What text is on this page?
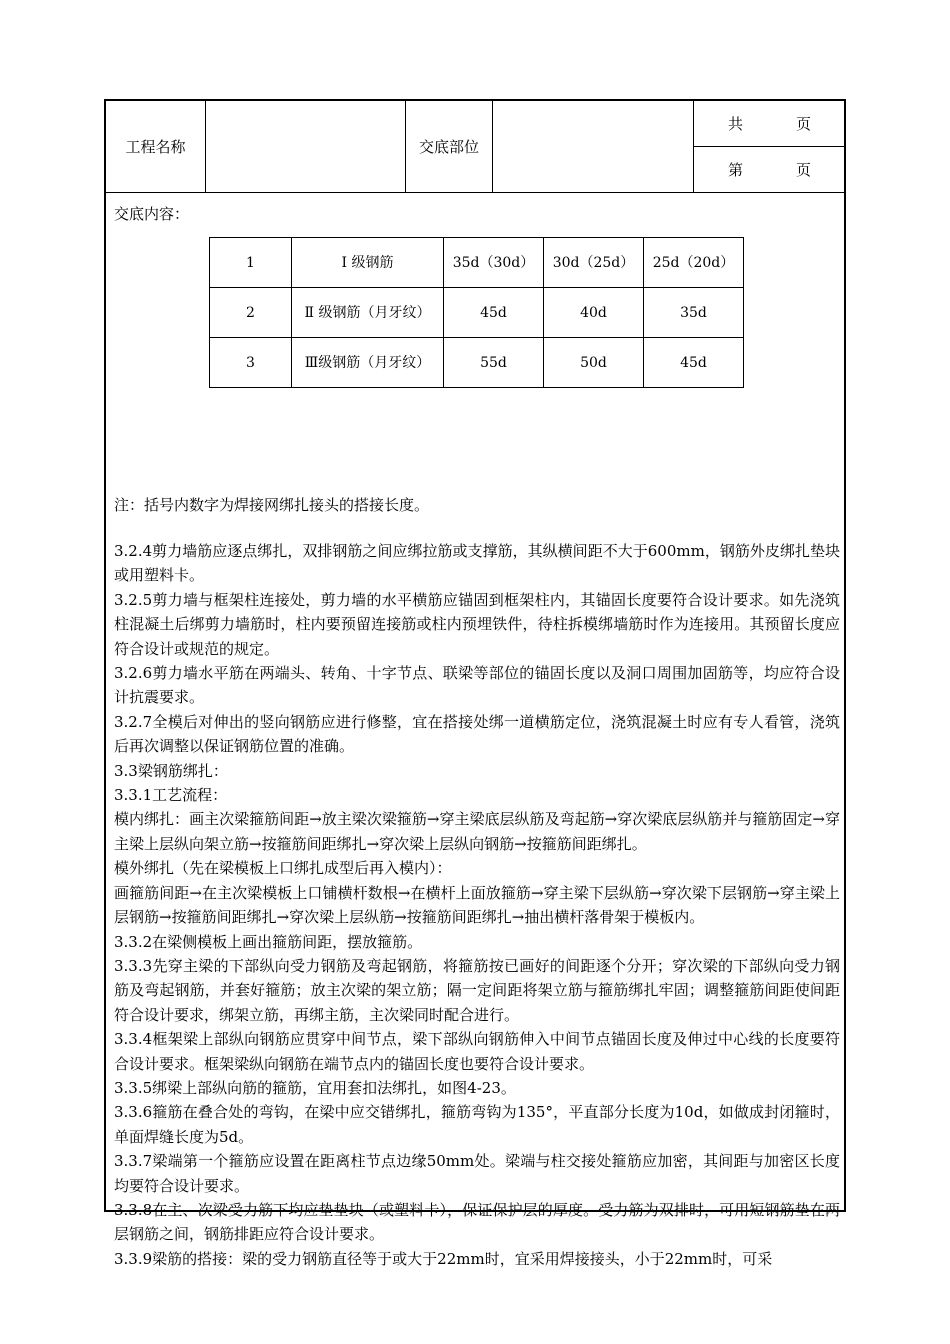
工程名称	交底部位
共	页
第	页
交底内容：
1	Ⅰ 级钢筋	35d（30d）	30d（25d）	25d（20d）
2	Ⅱ 级钢筋（月牙纹）	45d	40d	35d
3	Ⅲ级钢筋（月牙纹）	55d	50d	45d
注：括号内数字为焊接网绑扎接头的搭接长度。

3.2.4剪力墙筋应逐点绑扎，双排钢筋之间应绑拉筋或支撑筋，其纵横间距不大于600mm，钢筋外皮绑扎垫块或用塑料卡。

3.2.5剪力墙与框架柱连接处，剪力墙的水平横筋应锚固到框架柱内，其锚固长度要符合设计要求。如先浇筑柱混凝土后绑剪力墙筋时，柱内要预留连接筋或柱内预埋铁件，待柱拆模绑墙筋时作为连接用。其预留长度应符合设计或规范的规定。

3.2.6剪力墙水平筋在两端头、转角、十字节点、联梁等部位的锚固长度以及洞口周围加固筋等，均应符合设计抗震要求。

3.2.7全模后对伸出的竖向钢筋应进行修整，宜在搭接处绑一道横筋定位，浇筑混凝土时应有专人看管，浇筑后再次调整以保证钢筋位置的准确。

3.3梁钢筋绑扎：

3.3.1工艺流程：

模内绑扎：画主次梁箍筋间距→放主梁次梁箍筋→穿主梁底层纵筋及弯起筋→穿次梁底层纵筋并与箍筋固定→穿主梁上层纵向架立筋→按箍筋间距绑扎→穿次梁上层纵向钢筋→按箍筋间距绑扎。

模外绑扎（先在梁模板上口绑扎成型后再入模内）：

画箍筋间距→在主次梁模板上口铺横杆数根→在横杆上面放箍筋→穿主梁下层纵筋→穿次梁下层钢筋→穿主梁上层钢筋→按箍筋间距绑扎→穿次梁上层纵筋→按箍筋间距绑扎→抽出横杆落骨架于模板内。

3.3.2在梁侧模板上画出箍筋间距，摆放箍筋。

3.3.3先穿主梁的下部纵向受力钢筋及弯起钢筋，将箍筋按已画好的间距逐个分开；穿次梁的下部纵向受力钢筋及弯起钢筋，并套好箍筋；放主次梁的架立筋；隔一定间距将架立筋与箍筋绑扎牢固；调整箍筋间距使间距符合设计要求，绑架立筋，再绑主筋，主次梁同时配合进行。

3.3.4框架梁上部纵向钢筋应贯穿中间节点，梁下部纵向钢筋伸入中间节点锚固长度及伸过中心线的长度要符合设计要求。框架梁纵向钢筋在端节点内的锚固长度也要符合设计要求。

3.3.5绑梁上部纵向筋的箍筋，宜用套扣法绑扎，如图4-23。

3.3.6箍筋在叠合处的弯钩，在梁中应交错绑扎，箍筋弯钩为135°，平直部分长度为10d，如做成封闭箍时，单面焊缝长度为5d。

3.3.7梁端第一个箍筋应设置在距离柱节点边缘50mm处。梁端与柱交接处箍筋应加密，其间距与加密区长度均要符合设计要求。

3.3.8在主、次梁受力筋下均应垫垫块（或塑料卡），保证保护层的厚度。受力筋为双排时，可用短钢筋垫在两层钢筋之间，钢筋排距应符合设计要求。

3.3.9梁筋的搭接：梁的受力钢筋直径等于或大于22mm时，宜采用焊接接头，小于22mm时，可采
